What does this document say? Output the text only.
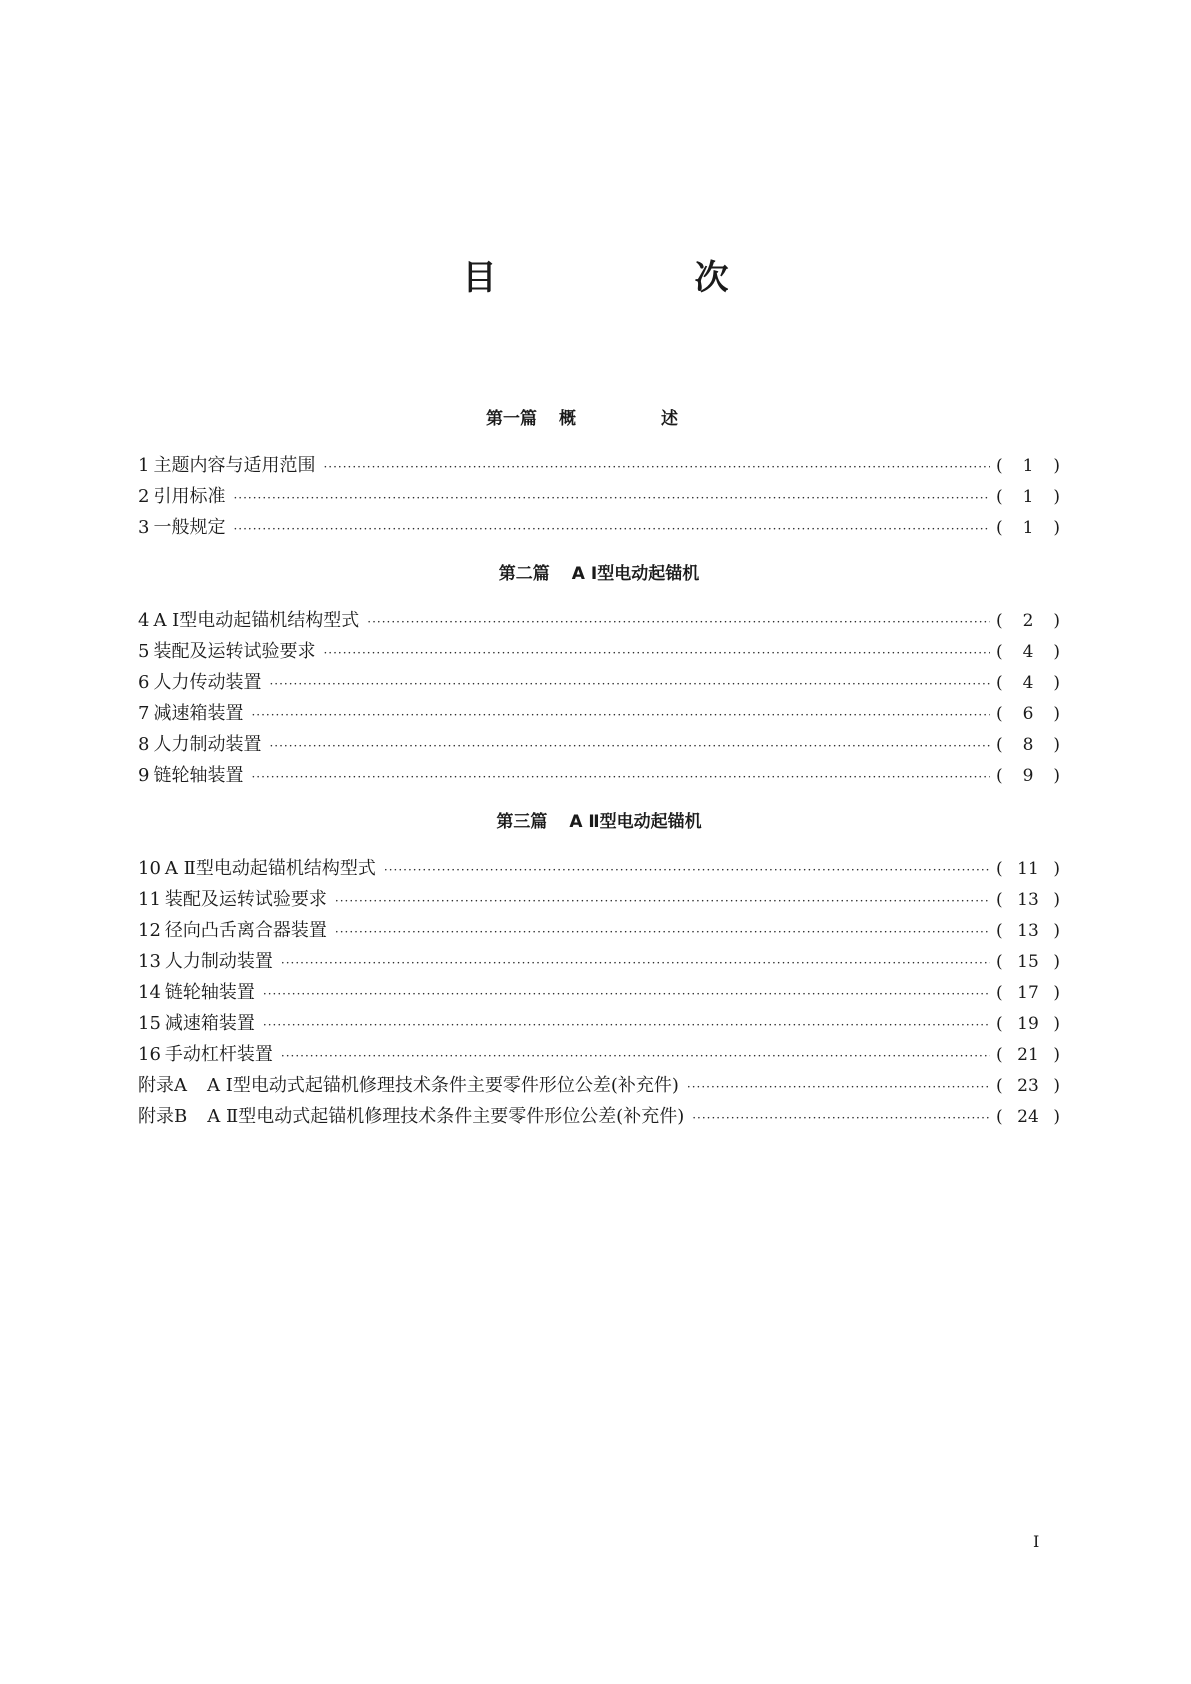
目　次
第一篇 概　述
1 主题内容与适用范围 ·····	(	1	)
2 引用标准 ·····	(	1	)
3 一般规定 ·····	(	1	)
第二篇 A Ⅰ型电动起锚机
4 A Ⅰ型电动起锚机结构型式 ·····	(	2	)
5 装配及运转试验要求 ·····	(	4	)
6 人力传动装置 ·····	(	4	)
7 减速箱装置 ·····	(	6	)
8 人力制动装置 ·····	(	8	)
9 链轮轴装置 ·····	(	9	)
第三篇 A Ⅱ型电动起锚机
10 A Ⅱ型电动起锚机结构型式 ·····	( 11 )
11 装配及运转试验要求 ·····	( 13 )
12 径向凸舌离合器装置 ·····	( 13 )
13 人力制动装置 ·····	( 15 )
14 链轮轴装置 ·····	( 17 )
15 减速箱装置 ·····	( 19 )
16 手动杠杆装置 ·····	( 21 )
附录A A Ⅰ型电动式起锚机修理技术条件主要零件形位公差(补充件) ·····	( 23 )
附录B A Ⅱ型电动式起锚机修理技术条件主要零件形位公差(补充件) ·····	( 24 )
I
